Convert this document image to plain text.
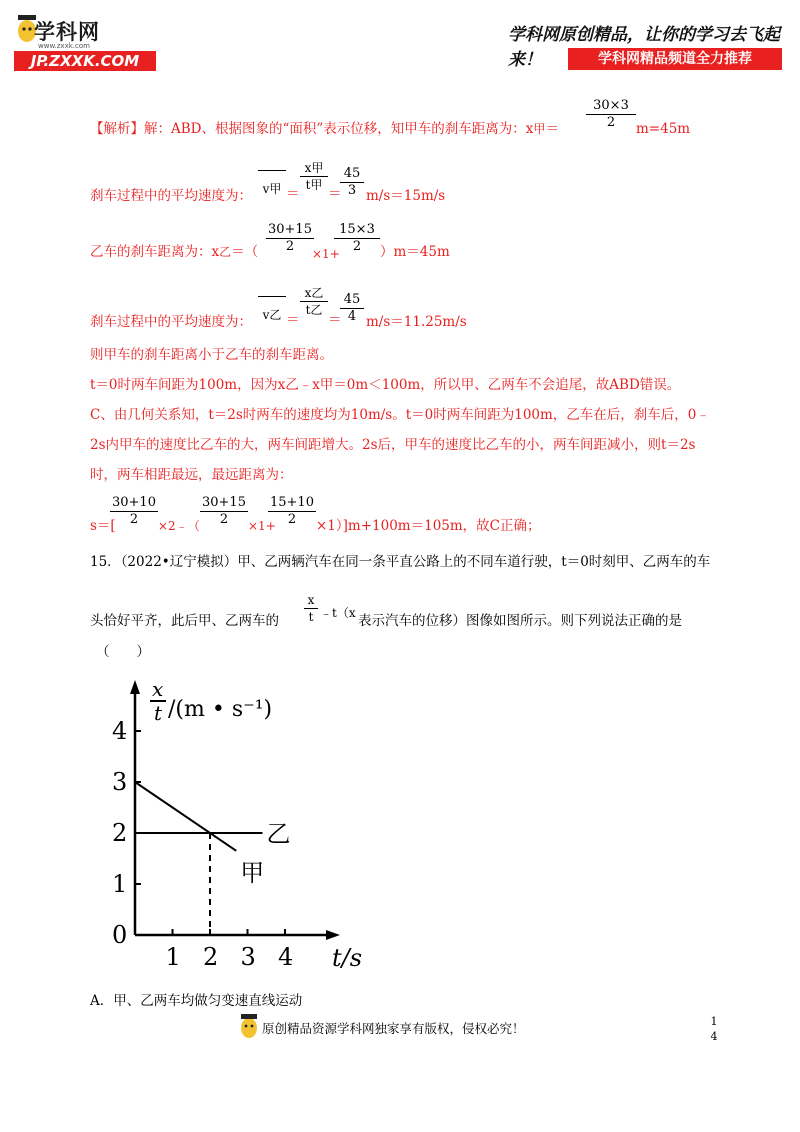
学科网
www.zxxk.com
JP.ZXXK.COM
学科网原创精品，让你的学习去飞起来！	学科网精品频道全力推荐
【解析】解：ABD、根据图象的“面积”表示位移，知甲车的刹车距离为：x甲＝ $\frac{30\times 3}{2} m=45m$
刹车过程中的平均速度为： v甲 ＝
x甲
t甲
＝
$\frac{45}{3} m/s=15m/s$
乙车的刹车距离为：x乙＝（ $\frac{30+15}{2}$
×1+
$\frac{15\times 3}{2} )m=45m$
刹车过程中的平均速度为： v乙 ＝
x乙
t乙
＝
$\frac{45}{4} m/s=11.25m/s$
则甲车的刹车距离小于乙车的刹车距离。
t＝0时两车间距为100m，因为x乙﹣x甲＝0m＜100m，所以甲、乙两车不会追尾，故ABD错误。
C、由几何关系知，t＝2s时两车的速度均为10m/s。t＝0时两车间距为100m，乙车在后，刹车后，0﹣
2s内甲车的速度比乙车的大，两车间距增大。2s后，甲车的速度比乙车的小，两车间距减小，则t＝2s
时，两车相距最远，最远距离为：
s＝[
$\frac{30+10}{2}$ ×2﹣（ $\frac{30+15}{2} \times 1+$
$\frac{15+10}{2} \times 1)]m+100m=105m$，故C正确；
15．（2022•辽宁模拟）甲、乙两辆汽车在同一条平直公路上的不同车道行驶，t＝0时刻甲、乙两车的车
头恰好平齐，此后甲、乙两车的 $\frac{x}{t}$ ﹣t（x 表示汽车的位移）图像如图所示。则下列说法正确的是
（　　）
x
t /(m • s⁻¹)
t/s
0
1
2
3
4
1 2 3 4
乙
甲
A．甲、乙两车均做匀变速直线运动
原创精品资源学科网独家享有版权，侵权必究！	1
4
